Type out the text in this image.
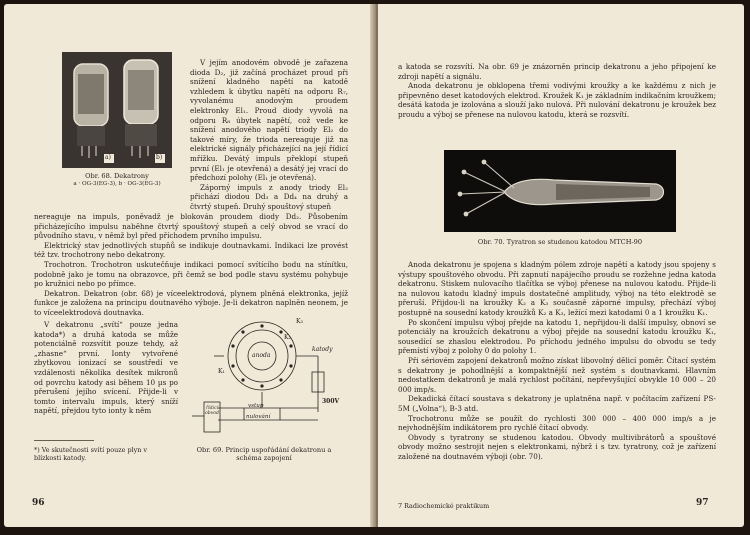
a)	b)
Obr. 68. Dekatrony
a · OG-3(EG-3), b · OG-3(EG-3)

V jejím anodovém obvodě je zařazena dioda D₂, již začíná procházet proud při snížení kladného napětí na katodě vzhledem k úbytku napětí na odporu R₇, vyvolanému anodovým proudem elektronky El₁. Proud diody vyvolá na odporu R₈ úbytek napětí, což vede ke snížení anodového napětí triody El₂ do takové míry, že trioda nereaguje již na elektrické signály přicházející na její řídicí mřížku. Devátý impuls překlopí stupeň první (El₁ je otevřená) a desátý jej vrací do předchozí polohy (El₁ je otevřená).

Záporný impuls z anody triody El₂ přichází diodou Dd₃ a Dd₄ na druhý a čtvrtý stupeň. Druhý spouštový stupeň

nereaguje na impuls, poněvadž je blokován proudem diody Dd₂. Působením přicházejícího impulsu naběhne čtvrtý spouštový stupeň a celý obvod se vrací do původního stavu, v němž byl před příchodem prvního impulsu.

Elektrický stav jednotlivých stupňů se indikuje doutnavkami. Indikaci lze provést též tzv. trochotrony nebo dekatrony.

Trochotron. Trochotron uskutečňuje indikaci pomocí svítícího bodu na stínítku, podobně jako je tomu na obrazovce, při čemž se bod podle stavu systému pohybuje po kružnici nebo po přímce.

Dekatron. Dekatron (obr. 68) je víceelektrodová, plynem plněná elektronka, jejíž funkce je založena na principu doutnavého výboje. Je-li dekatron naplněn neonem, je to víceelektrodová doutnavka.

V dekatronu „svítí“ pouze jedna katoda*) a druhá katoda se může potenciálně rozsvítit pouze tehdy, až „zhasne“ první. Ionty vytvořené zbytkovou ionizací se soustředí ve vzdálenosti několika desítek mikronů od povrchu katody asi během 10 µs po přerušení jejího svícení. Přijde-li v tomto intervalu impuls, který sníží napětí, přejdou tyto ionty k něm

anoda
katody
K₃
K₂
K₁
vstup
nulování
300V
řídicí obvod
Obr. 69. Princip uspořádání dekatronu a
schéma zapojení
*) Ve skutečnosti svítí pouze plyn v blízkosti katody.
96

a katoda se rozsvítí. Na obr. 69 je znázorněn princip dekatronu a jeho připojení ke zdroji napětí a signálu.

Anoda dekatronu je obklopena třemi vodivými kroužky a ke každému z nich je připevněno deset katodových elektrod. Kroužek K₁ je základním indikačním kroužkem; desátá katoda je izolována a slouží jako nulová. Při nulování dekatronu je kroužek bez proudu a výboj se přenese na nulovou katodu, která se rozsvítí.

Obr. 70. Tyratron se studenou katodou MTCH-90

Anoda dekatronu je spojena s kladným pólem zdroje napětí a katody jsou spojeny s výstupy spouštového obvodu. Při zapnutí napájecího proudu se rozžehne jedna katoda dekatronu. Stiskem nulovacího tlačítka se výboj přenese na nulovou katodu. Přijde-li na nulovou katodu kladný impuls dostatečné amplitudy, výboj na této elektrodě se přeruší. Přijdou-li na kroužky K₂ a K₃ současně záporné impulsy, přechází výboj postupně na sousední katody kroužků K₂ a K₃, ležící mezi katodami 0 a 1 kroužku K₁.

Po skončení impulsu výboj přejde na katodu 1, nepřijdou-li další impulsy, obnoví se potenciály na kroužcích dekatronu a výboj přejde na sousední katodu kroužku K₁, sousedící se zhaslou elektrodou. Po příchodu jedného impulsu do obvodu se tedy přemístí výboj z polohy 0 do polohy 1.

Při sériovém zapojení dekatronů možno získat libovolný dělicí poměr. Čítací systém s dekatrony je pohodlnější a kompaktnější než systém s doutnavkami. Hlavním nedostatkem dekatronů je malá rychlost počítání, nepřevyšující obvykle 10 000 – 20 000 imp/s.

Dekadická čítací soustava s dekatrony je uplatněna např. v počítacím zařízení PS-5M („Volna“), B-3 atd.

Trochotronu může se použít do rychlosti 300 000 – 400 000 imp/s a je nejvhodnějším indikátorem pro rychlé čítací obvody.

Obvody s tyratrony se studenou katodou. Obvody multivibrátorů a spouštové obvody možno sestrojit nejen s elektronkami, nýbrž i s tzv. tyratrony, což je zařízení založené na doutnavém výboji (obr. 70).

7 Radiochemické praktikum	97
